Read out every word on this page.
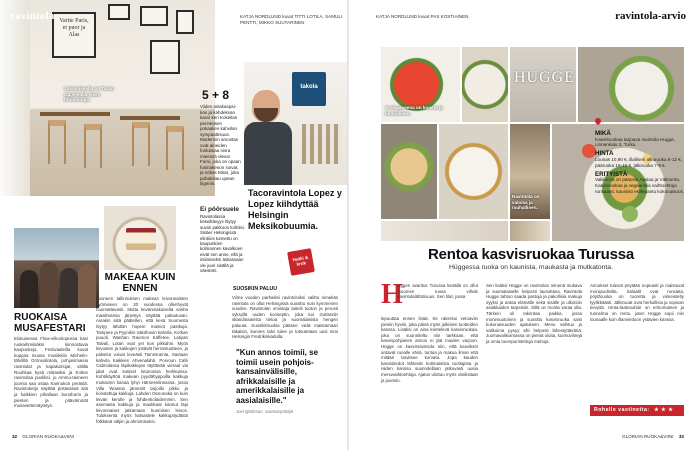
Vartte Paris, et puor ja Alas
Valohoikealla on Turun Gageisolla viben brunssiruja.
takola
ravintola	KATJA NORDLUND kuvat TITTI LOTILA, SAMULI PENTTI, MIKKO SUUTARINEN
5 + 8
Viides asiakaspai-kan ja kahdeksan kasvi keri Kokeilan perinteisen pokaalien kahvilan sympaattisuus. Moderniin arvostan ovat aineiden funkasiaa nisra mieessä oleva! Fumi, joka on opaan fosinakenon soivat, ja nökas Misis, joka puhaloitau upean tiigeriin.
Ei pöörsuele
Ravintolassa kekeiltävyys löytyy suviin pakkoon kohtiisi. Sisäer Helsingissä elintiios tunnettu on kaupunkien kolmannen kavalkoen eivät sen anne, ellä ja intiimiseksi äskassaan ole juuri sisällä ja väestöni.
Tacoravintola Lopez y Lopez kiihdyttää Helsingin Meksikobuumia.
Hutki & kruk
RUOKAISA MUSAFESTARI
Elokuisessa Flow-viikonlopussa kävi ruokaihmisiäkin kiinnostavia kaupunkeja. Festivaaleilla kuvat kuppaa mussa musiikkiin Michelin-tähdillä Grönvalintola, pohjoismaisia ravintolat ja kapakoitsijat, välilla Ruuhkaa kysä mittasiksi ja Kolme ravintolaa puoliksi, jo Ammu-taimeen juomia saa ostaa Kannukon perästä. Ravintoketju näyttää pistävässä sitä ja kaikkien pihallaan bun2burin ja pienten ja pitävämmät musasettemäytetys.
MAKEAA KUIN ENNEN
Tuoneen tallinnuksen makean leivonnaisten syömiseen on 20 vuodessa ollenhyvät huomattavasti. Mutta leivänmakuisella vanha maailmansa järjestys näyttää palautuvan. Ainakin siitä päätellen, että kesä Suomesta löytyy lähdöin hopein mainiot pastkuja. Tampere ja Pyynikin näköhovin kahvila, Korkan puuoli, Wanhan Raumon Kaffetee, Latiyan Talvali, Lotan ovat yet kos pikkahin. Myös leivosten ja kakkujen ystävät herrantuotteen, ja palvelut voivat leveästi Tamminenta, Sastaan kahvila Kaikkien Ahvenalahti. Porvoon Café Cabriolassa läpikakkujen täyttävää vieraat via jalat ovat kotiiset kitunoissa herkkuissa. Kohtikäyttöä makean pyydähyppoilla kakkuja mukavinn kanaa lyhyi Hämeenlinnassa, jossa Villa Wownia järvestit tarjoillu pikku ja koristettuja kakkuja. Lahden Oenonaka on kuin leivän kerulle ja fohdenkolaidemmin. Sen asemasta kakkuja ja maukkaat kannut läpi leivonnaiset jatkamaan huomisen leivos. Tuloksenta myös katsastele kakkupöydästä fölkkänä väljiin ja ahmimiseksi.
SUOSIKIN PALUU
Viime vuoden parhaiksi ravintoloiksi valittu nimekäs ravintola on ollut Helsingissä suosittu noin kymmenen vuoden. Ravintolan omistaja taiteili tuoton ja perusti syksyllä uuden konseptin, joka tuo Gotlantiin skandinaavista tietoa ja suomalaisista hengen paluuta. Suosikkiruokia pääsee vielä maistamaan takaisin, kunnes talvi tulee ja toteutetaan uusi nimi Helsingin Fredrikinkadulla.
"Kun annos toimii, se toimii usein pohjois-kansainvälisille, afrikkalaisille ja amerikkalaisille ja aasialaisille."
Joel Björkman, ravintolayrittäjä
32 GLORIAN RUOKA&VIINI
Avokadoeena on koosta ja herkullinen.
HUGGE
Ravintola on valoisa ja rauhallinen.
ravintola-arvio
KATJA NORDLUND kuvat PAS KOSTIAINEN
MIKÄ
Kasvisruokaa tarjoava ravintola Hugge, Linnankatu 3, Turku.
HINTA
Lounas 10,90 €, illallisen alkuruoka 8-12 €, pääruoka 16-19 €, jälkiruoka 7-9 €.
ERITYISTÄ
Valikoima on pääosin Aasiaa ja Välimerta. Kasvisruokaa ja vegaanisia vaihtoehtoja runsaasti, kauniisti esillepantu kokonaisuus.
Rentoa kasvisruokaa Turussa
Hüggessa ruoka on kaunista, maukasta ja mutkatonta.
H
üggen avaritus Turussa kesällä on ollut Suomen ruoan viihde ravintolalähtöisuus. Sen tilat, jossa
lepuuttaa ennen lisää. Se rakentui vetoaviin pieniin hyviin, joka päivä myös julkisien tuotteiden kanssa. Lisäksi on aina kiertelevä kasvisruokaa, joka on suunniteltu niin tarkkaan, että kasvispohjainen annos ei jää muiden varjoon. Hügge on kasvisravintola niin, että kasvikset antavat ruoalle väriä, tuntua ja makua ilman että mitään tarvitsee korvata. Jopa kauden kasvistiedot lähtevät kotimaisista tuottajista ja niiden kanssa suunnitellaan jatkuvasti uusia menuvaihtoehtoja. Ajatus ulottuu myös viinilistaan ja juomiin.
Sen lisäksi Hügge on ravintolan nimenä mukava ja suomalaiselle helposti lausuttava. Ravintola Hugge tahtoo saada pastoja ja pakollisia makuja syyksi ja antaa elämälle sekä sisälle ja ulkoisiin asiakkaiden tarpeisiin. Sillä on monta varaa olla. Tärkein oli rakentaa paikka, jossa monimuotoinen ja suosittu kasvisruoka saisi kokonaisuuden ajatuksen. Menu vaihtuu ja valikoima pysyy silti helposti lähestyttävänä. Juomavalikoimassa on pieniä oluita, luomuviinejä ja omia tuorepuristettuja mehuja.
Annokset tulevat pöytään nopeasti ja maistuvat monipuolisilta. Salaatit ovat runsaita, pöytäruoka on tuoretta ja viimeistelty tyylikkäästi. Jälkiruoat ovat herkullisia ja sopivan kevyitä. Hinta-laatusuhde on erinomainen ja tunnelma on rento, joten Hügge sopii niin lounaalle kuin illanviettoon ystävien kanssa.
Rohelle vastinetta: ★ ★ ★
GLORIAN RUOKA&VIINI 33
